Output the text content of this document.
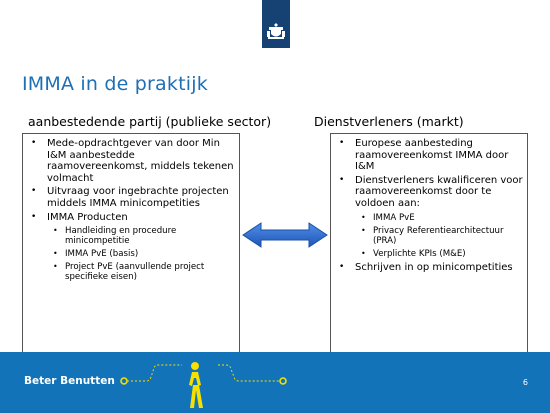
IMMA in de praktijk
aanbestedende partij (publieke sector)	Dienstverleners (markt)
• Mede-opdrachtgever van door Min I&M aanbestedde raamovereenkomst, middels tekenen volmacht
• Uitvraag voor ingebrachte projecten middels IMMA minicompetities
• IMMA Producten
• Handleiding en procedure minicompetitie
• IMMA PvE (basis)
• Project PvE (aanvullende project specifieke eisen)
• Europese aanbesteding raamovereenkomst IMMA door I&M
• Dienstverleners kwalificeren voor raamovereenkomst door te voldoen aan:
• IMMA PvE
• Privacy Referentiearchitectuur (PRA)
• Verplichte KPIs (M&E)
• Schrijven in op minicompetities
Beter Benutten	6
